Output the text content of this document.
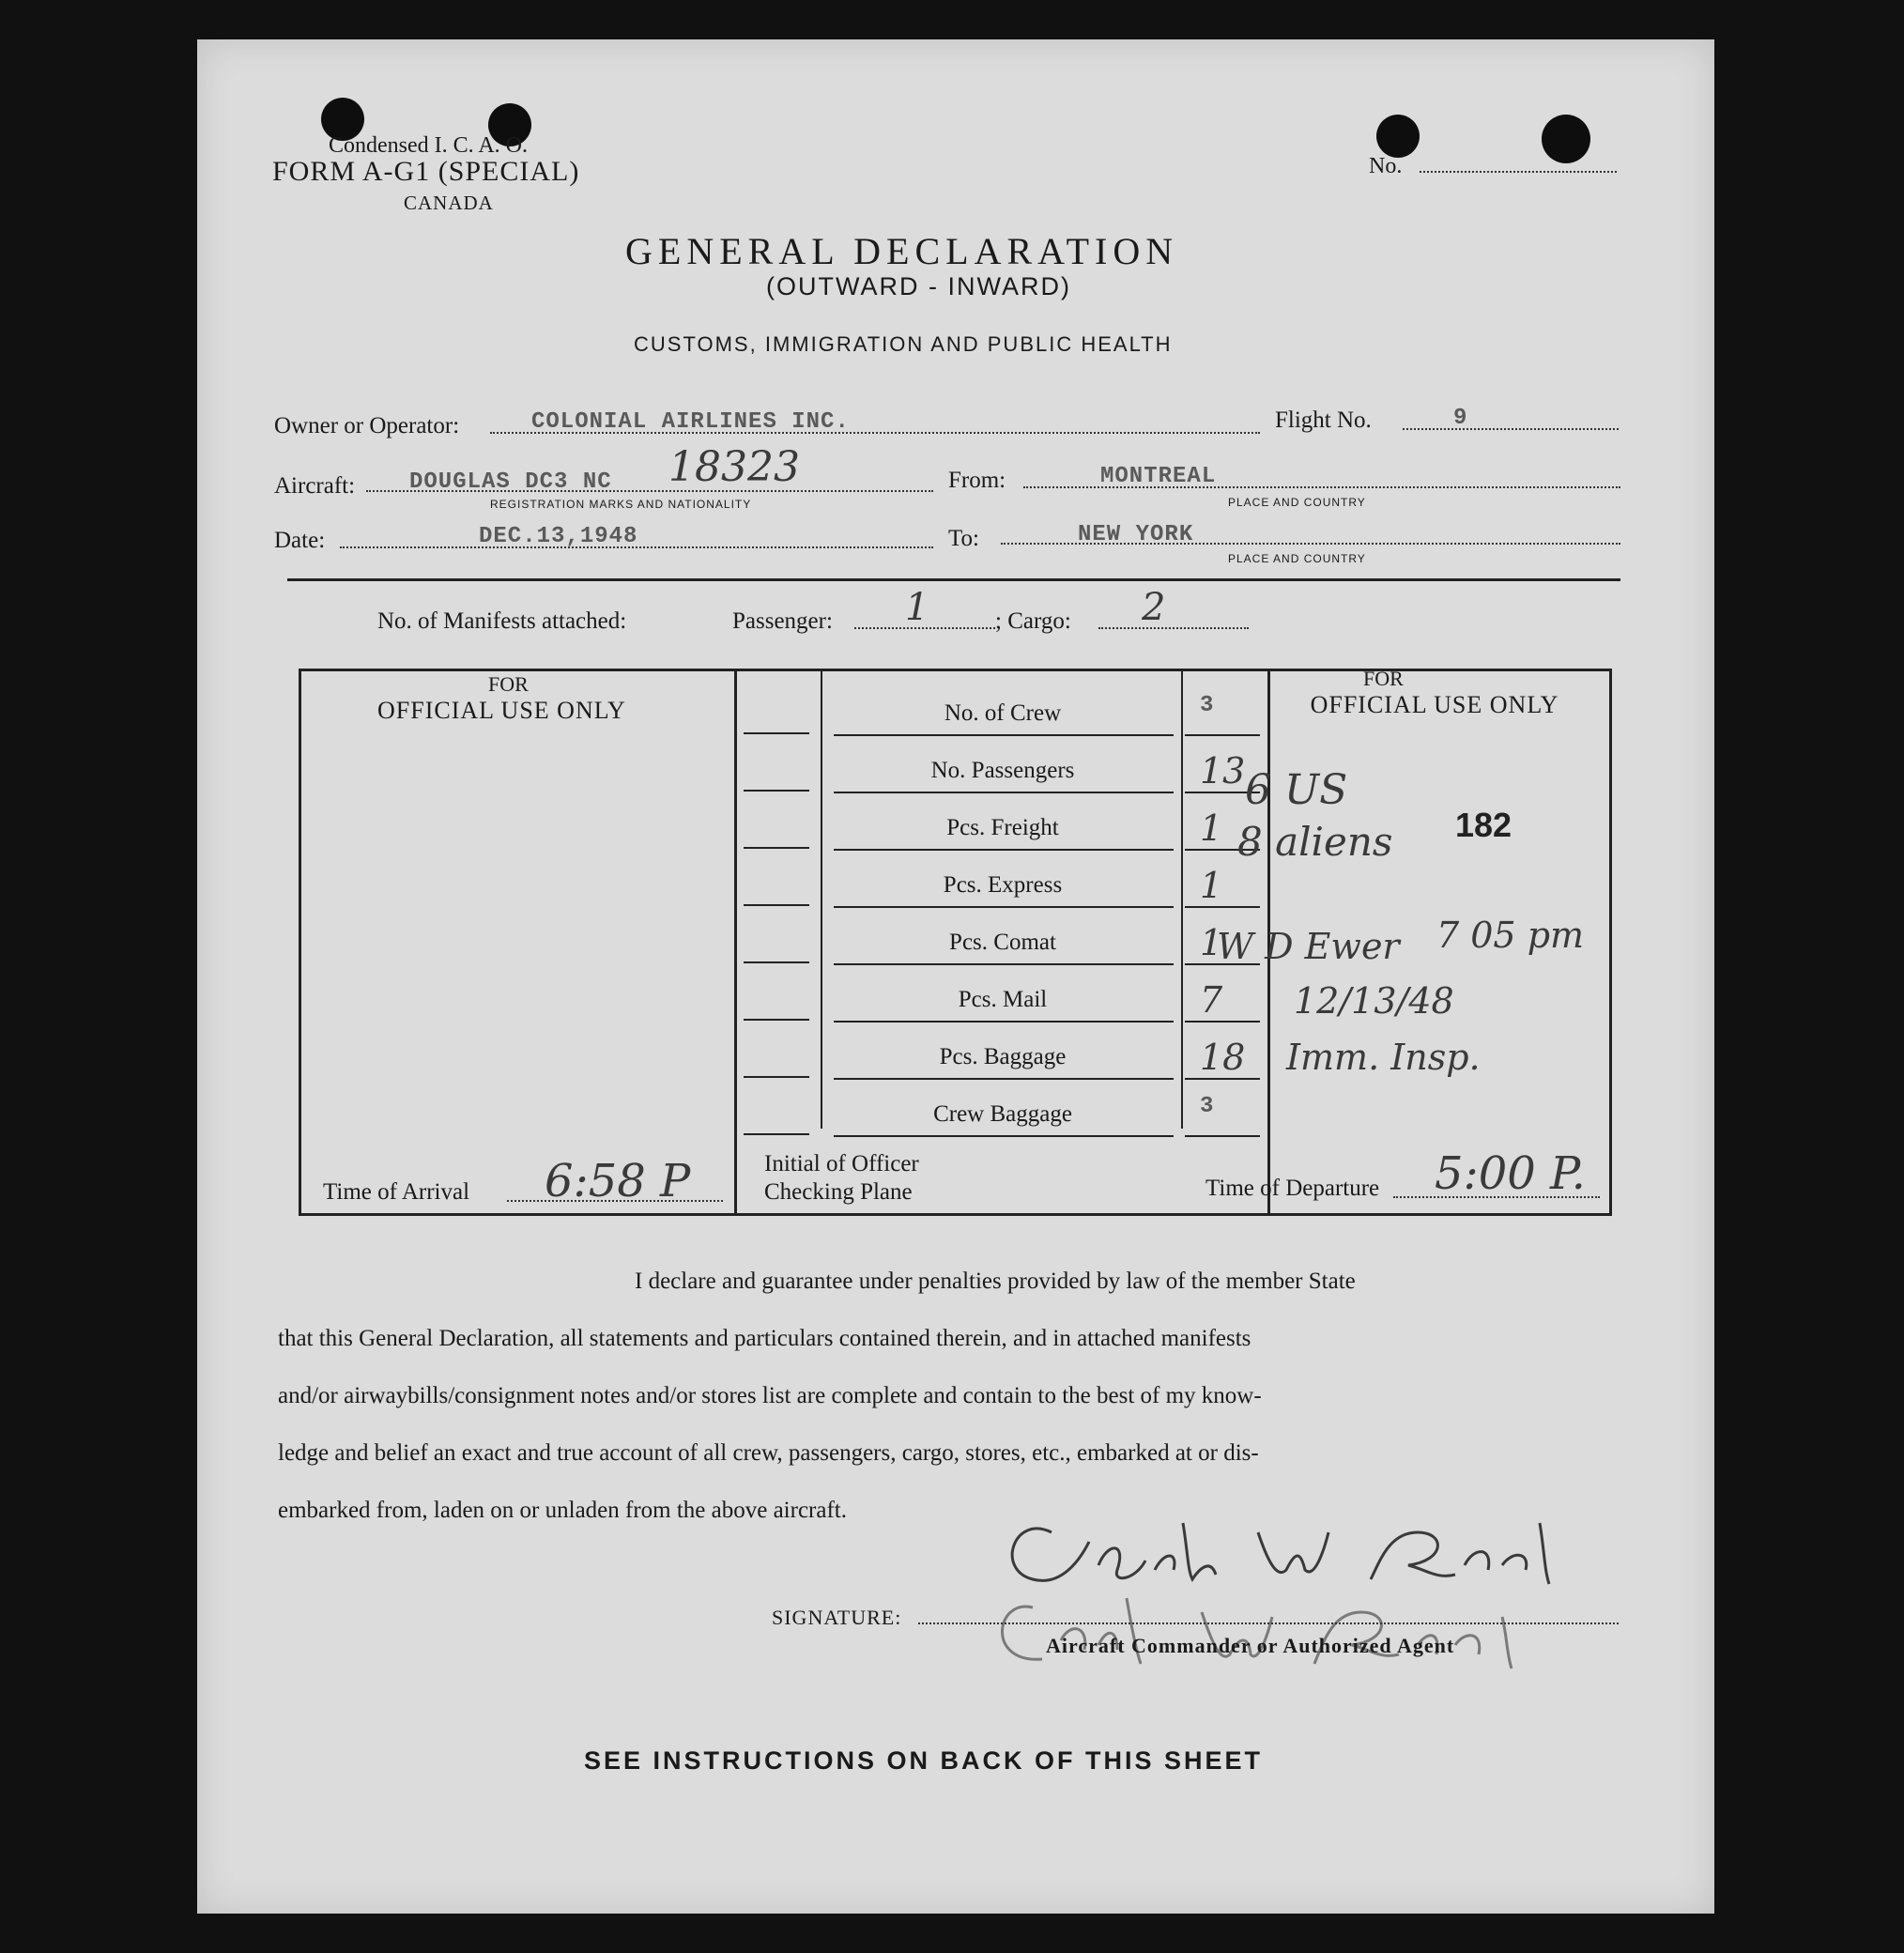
Condensed I. C. A. O.
FORM A-G1 (SPECIAL)
CANADA
No.
GENERAL DECLARATION
(OUTWARD - INWARD)
CUSTOMS, IMMIGRATION AND PUBLIC HEALTH
Owner or Operator:	COLONIAL AIRLINES INC.	Flight No.	9
Aircraft: DOUGLAS DC3 NC 18323
REGISTRATION MARKS AND NATIONALITY
From:	MONTREAL
PLACE AND COUNTRY
Date:	DEC.13,1948	To:	NEW YORK
PLACE AND COUNTRY
No. of Manifests attached:	Passenger: 1	; Cargo: 2
FOR
OFFICIAL USE ONLY
FOR
OFFICIAL USE ONLY
No. of Crew	3
No. Passengers	13
Pcs. Freight	1
Pcs. Express	1
Pcs. Comat	1
Pcs. Mail	7
Pcs. Baggage	18
Crew Baggage	3
6 US
8 aliens 182
W D Ewer 7 05 pm
12/13/48
Imm. Insp.
Time of Arrival 6:58 P	Initial of Officer
Checking Plane	Time of Departure 5:00 P.
I declare and guarantee under penalties provided by law of the member State
that this General Declaration, all statements and particulars contained therein, and in attached manifests
and/or airwaybills/consignment notes and/or stores list are complete and contain to the best of my know-
ledge and belief an exact and true account of all crew, passengers, cargo, stores, etc., embarked at or dis-
embarked from, laden on or unladen from the above aircraft.
SIGNATURE:
Aircraft Commander or Authorized Agent
SEE INSTRUCTIONS ON BACK OF THIS SHEET
